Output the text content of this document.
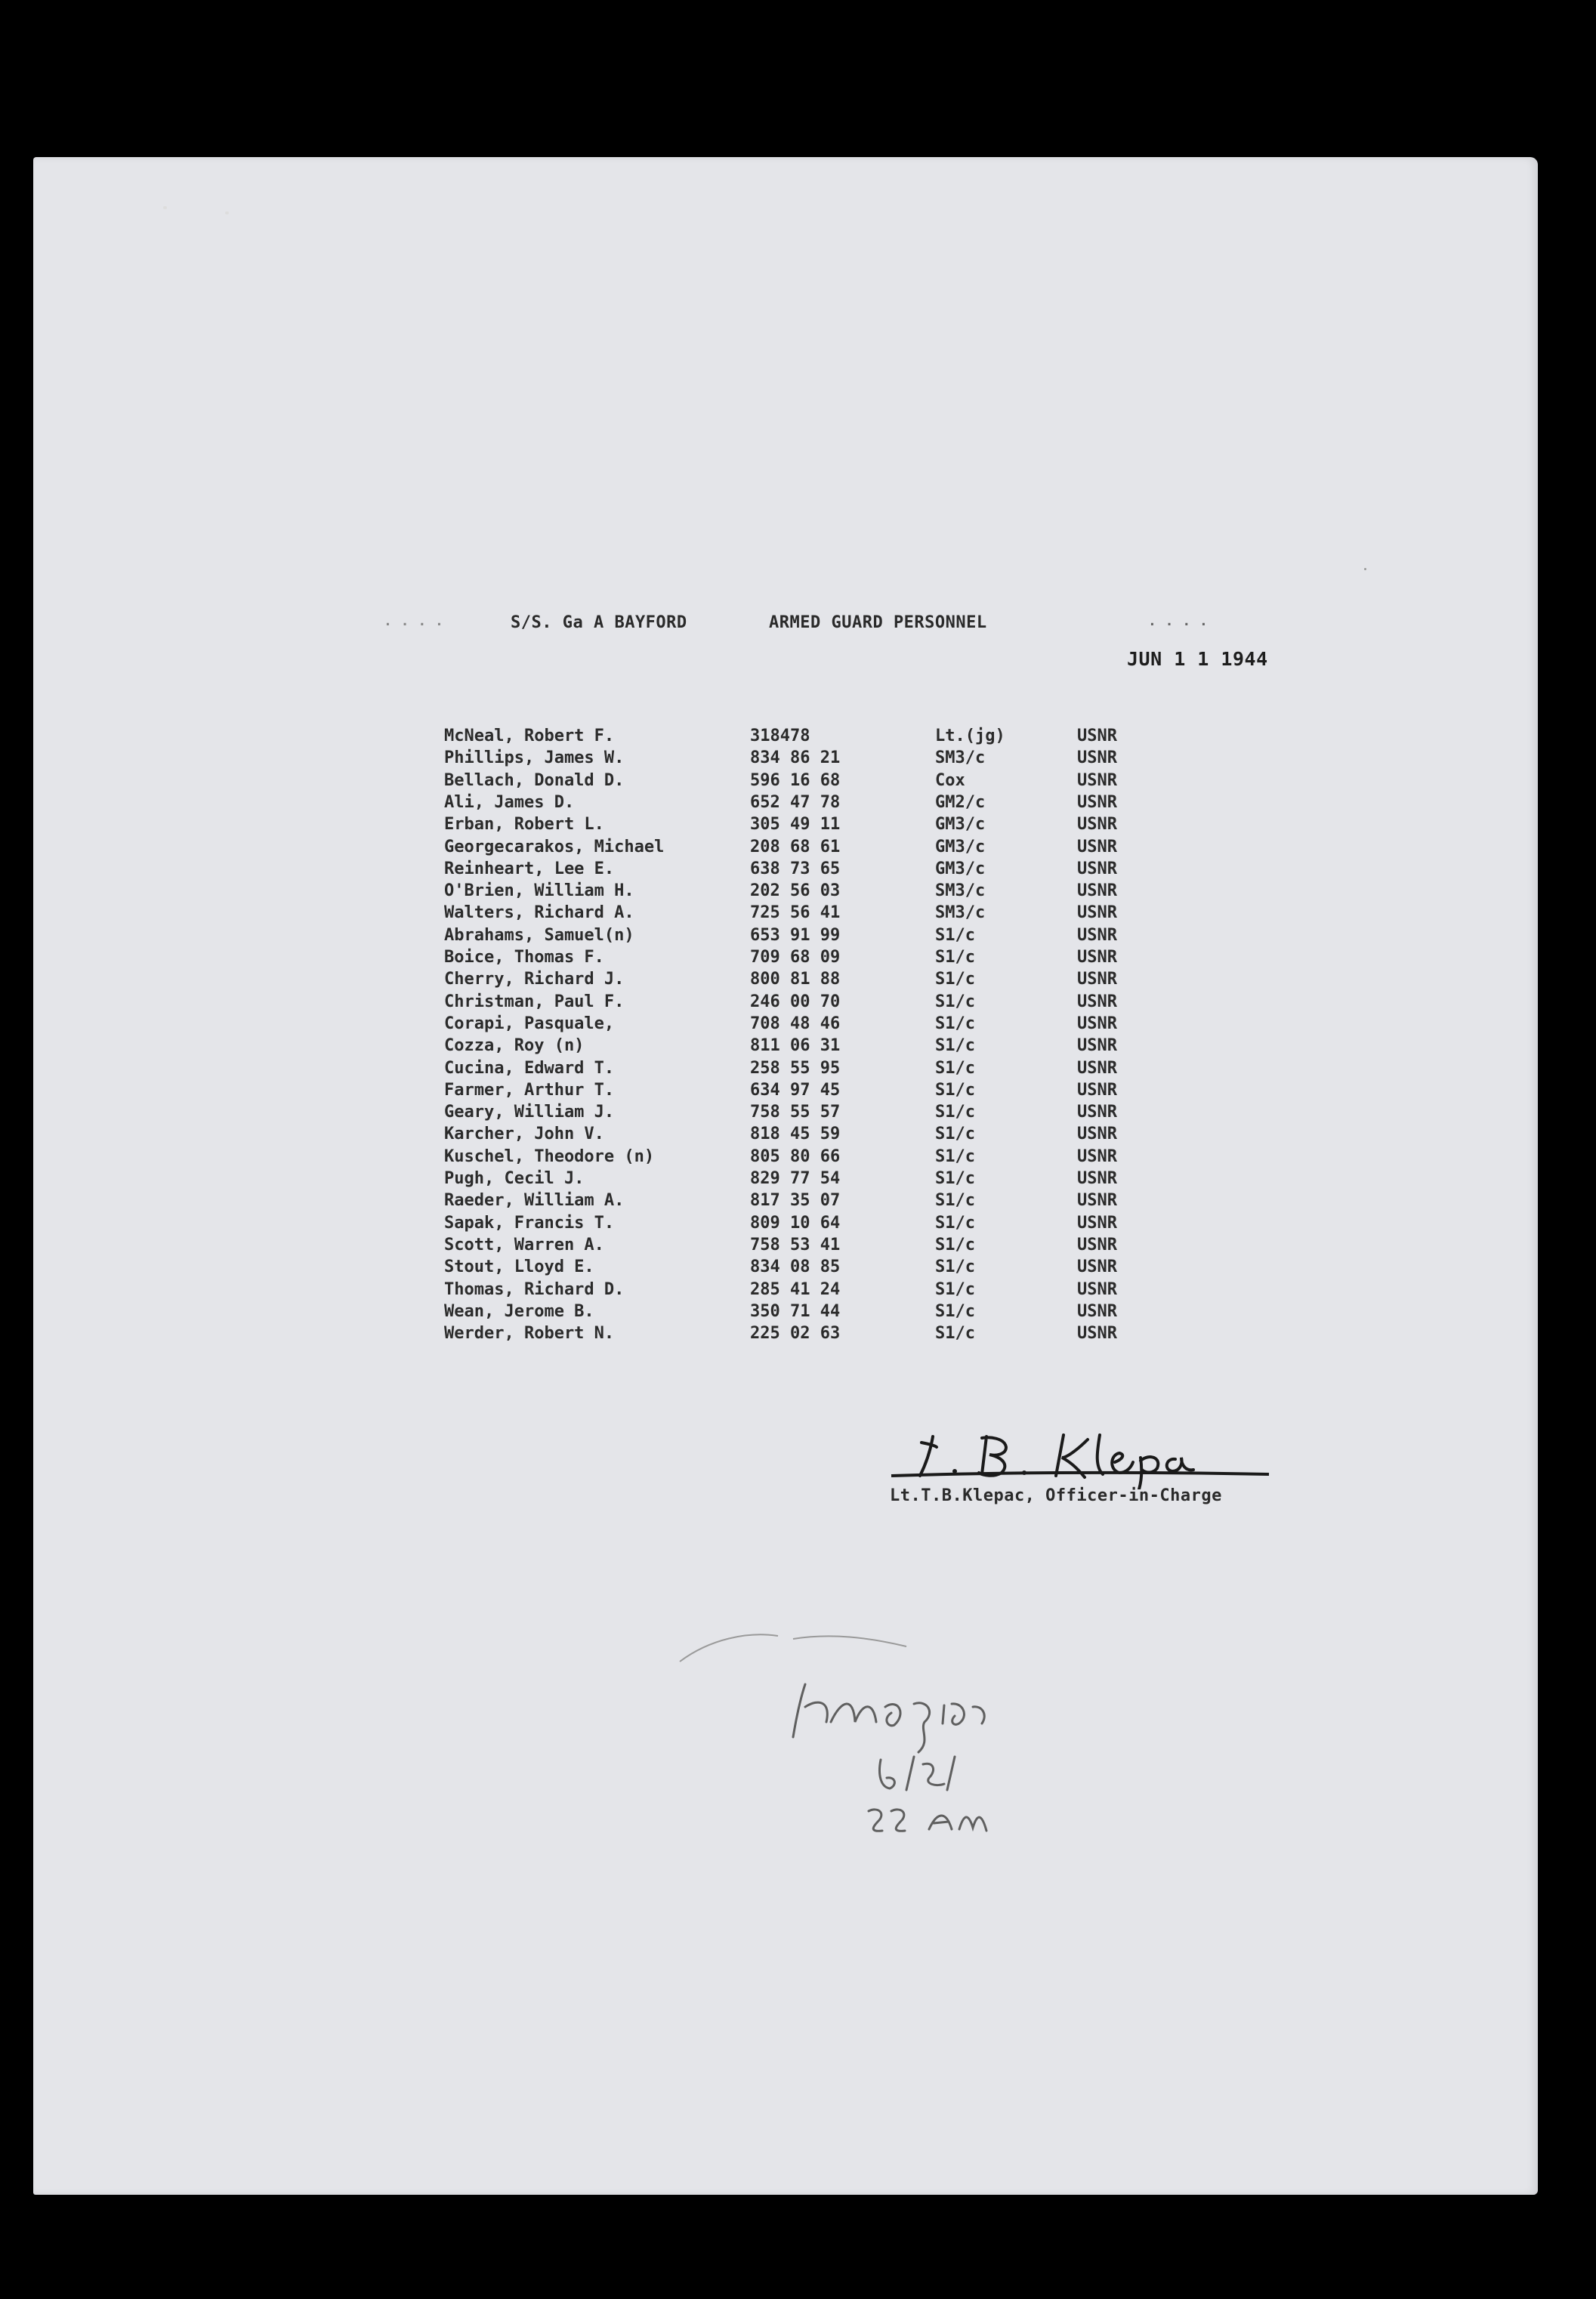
. . . .	S/S. Ga A BAYFORD	ARMED GUARD PERSONNEL	. . . .
JUN 1 1 1944
McNeal, Robert F.	318478	Lt.(jg)	USNR
Phillips, James W.	834 86 21	SM3/c	USNR
Bellach, Donald D.	596 16 68	Cox	USNR
Ali, James D.	652 47 78	GM2/c	USNR
Erban, Robert L.	305 49 11	GM3/c	USNR
Georgecarakos, Michael	208 68 61	GM3/c	USNR
Reinheart, Lee E.	638 73 65	GM3/c	USNR
O'Brien, William H.	202 56 03	SM3/c	USNR
Walters, Richard A.	725 56 41	SM3/c	USNR
Abrahams, Samuel(n)	653 91 99	S1/c	USNR
Boice, Thomas F.	709 68 09	S1/c	USNR
Cherry, Richard J.	800 81 88	S1/c	USNR
Christman, Paul F.	246 00 70	S1/c	USNR
Corapi, Pasquale,	708 48 46	S1/c	USNR
Cozza, Roy (n)	811 06 31	S1/c	USNR
Cucina, Edward T.	258 55 95	S1/c	USNR
Farmer, Arthur T.	634 97 45	S1/c	USNR
Geary, William J.	758 55 57	S1/c	USNR
Karcher, John V.	818 45 59	S1/c	USNR
Kuschel, Theodore (n)	805 80 66	S1/c	USNR
Pugh, Cecil J.	829 77 54	S1/c	USNR
Raeder, William A.	817 35 07	S1/c	USNR
Sapak, Francis T.	809 10 64	S1/c	USNR
Scott, Warren A.	758 53 41	S1/c	USNR
Stout, Lloyd E.	834 08 85	S1/c	USNR
Thomas, Richard D.	285 41 24	S1/c	USNR
Wean, Jerome B.	350 71 44	S1/c	USNR
Werder, Robert N.	225 02 63	S1/c	USNR
Lt.T.B.Klepac, Officer-in-Charge
Immigration
6/21/44
ZZ AM
